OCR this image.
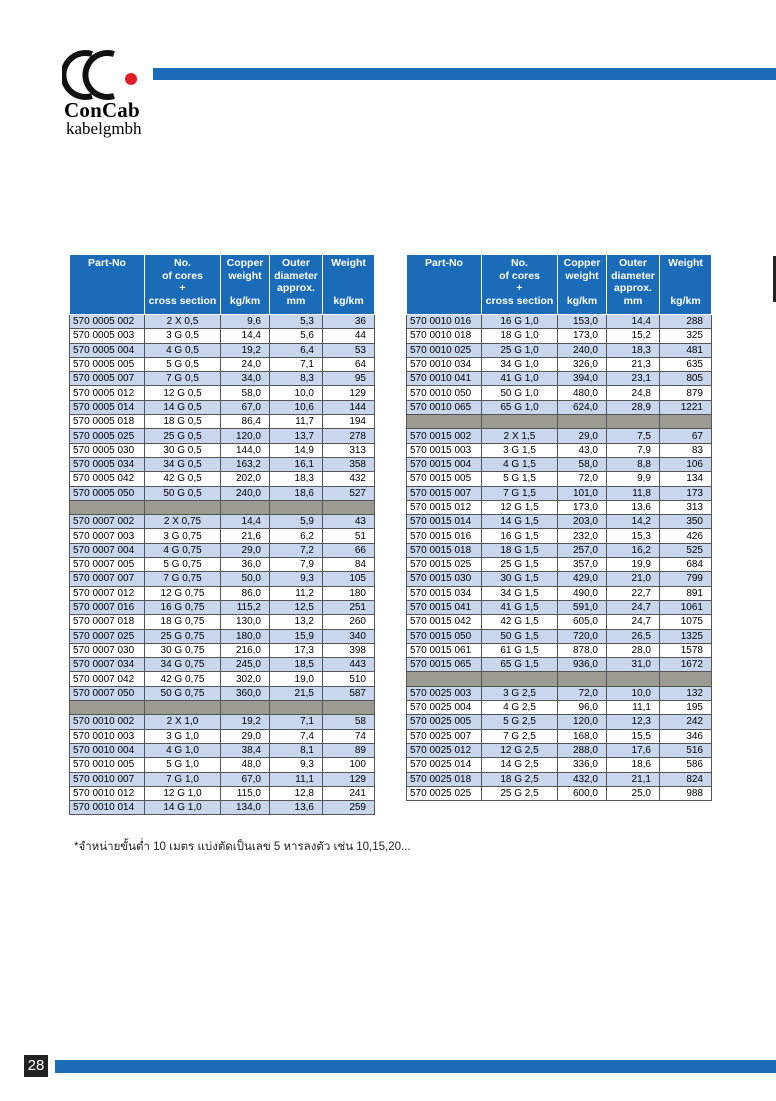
ConCab
kabelgmbh
Part-No	No.
of cores
+
cross section	Copper
weight

kg/km	Outer
diameter
approx.
mm	Weight

kg/km
570 0005 002	2 X 0,5	9,6	5,3	36
570 0005 003	3 G 0,5	14,4	5,6	44
570 0005 004	4 G 0,5	19,2	6,4	53
570 0005 005	5 G 0,5	24,0	7,1	64
570 0005 007	7 G 0,5	34,0	8,3	95
570 0005 012	12 G 0,5	58,0	10,0	129
570 0005 014	14 G 0,5	67,0	10,6	144
570 0005 018	18 G 0,5	86,4	11,7	194
570 0005 025	25 G 0,5	120,0	13,7	278
570 0005 030	30 G 0,5	144,0	14,9	313
570 0005 034	34 G 0,5	163,2	16,1	358
570 0005 042	42 G 0,5	202,0	18,3	432
570 0005 050	50 G 0,5	240,0	18,6	527

570 0007 002	2 X 0,75	14,4	5,9	43
570 0007 003	3 G 0,75	21,6	6,2	51
570 0007 004	4 G 0,75	29,0	7,2	66
570 0007 005	5 G 0,75	36,0	7,9	84
570 0007 007	7 G 0,75	50,0	9,3	105
570 0007 012	12 G 0,75	86,0	11,2	180
570 0007 016	16 G 0,75	115,2	12,5	251
570 0007 018	18 G 0,75	130,0	13,2	260
570 0007 025	25 G 0,75	180,0	15,9	340
570 0007 030	30 G 0,75	216,0	17,3	398
570 0007 034	34 G 0,75	245,0	18,5	443
570 0007 042	42 G 0,75	302,0	19,0	510
570 0007 050	50 G 0,75	360,0	21,5	587

570 0010 002	2 X 1,0	19,2	7,1	58
570 0010 003	3 G 1,0	29,0	7,4	74
570 0010 004	4 G 1,0	38,4	8,1	89
570 0010 005	5 G 1,0	48,0	9,3	100
570 0010 007	7 G 1,0	67,0	11,1	129
570 0010 012	12 G 1,0	115,0	12,8	241
570 0010 014	14 G 1,0	134,0	13,6	259
Part-No	No.
of cores
+
cross section	Copper
weight

kg/km	Outer
diameter
approx.
mm	Weight

kg/km
570 0010 016	16 G 1,0	153,0	14,4	288
570 0010 018	18 G 1,0	173,0	15,2	325
570 0010 025	25 G 1,0	240,0	18,3	481
570 0010 034	34 G 1,0	326,0	21,3	635
570 0010 041	41 G 1,0	394,0	23,1	805
570 0010 050	50 G 1,0	480,0	24,8	879
570 0010 065	65 G 1,0	624,0	28,9	1221

570 0015 002	2 X 1,5	29,0	7,5	67
570 0015 003	3 G 1,5	43,0	7,9	83
570 0015 004	4 G 1,5	58,0	8,8	106
570 0015 005	5 G 1,5	72,0	9,9	134
570 0015 007	7 G 1,5	101,0	11,8	173
570 0015 012	12 G 1,5	173,0	13,6	313
570 0015 014	14 G 1,5	203,0	14,2	350
570 0015 016	16 G 1,5	232,0	15,3	426
570 0015 018	18 G 1,5	257,0	16,2	525
570 0015 025	25 G 1,5	357,0	19,9	684
570 0015 030	30 G 1,5	429,0	21,0	799
570 0015 034	34 G 1,5	490,0	22,7	891
570 0015 041	41 G 1,5	591,0	24,7	1061
570 0015 042	42 G 1,5	605,0	24,7	1075
570 0015 050	50 G 1,5	720,0	26,5	1325
570 0015 061	61 G 1,5	878,0	28,0	1578
570 0015 065	65 G 1,5	936,0	31,0	1672

570 0025 003	3 G 2,5	72,0	10,0	132
570 0025 004	4 G 2,5	96,0	11,1	195
570 0025 005	5 G 2,5	120,0	12,3	242
570 0025 007	7 G 2,5	168,0	15,5	346
570 0025 012	12 G 2,5	288,0	17,6	516
570 0025 014	14 G 2,5	336,0	18,6	586
570 0025 018	18 G 2,5	432,0	21,1	824
570 0025 025	25 G 2,5	600,0	25,0	988
*จำหน่ายขั้นต่ำ 10 เมตร แบ่งตัดเป็นเลข 5 หารลงตัว เช่น 10,15,20...
28
